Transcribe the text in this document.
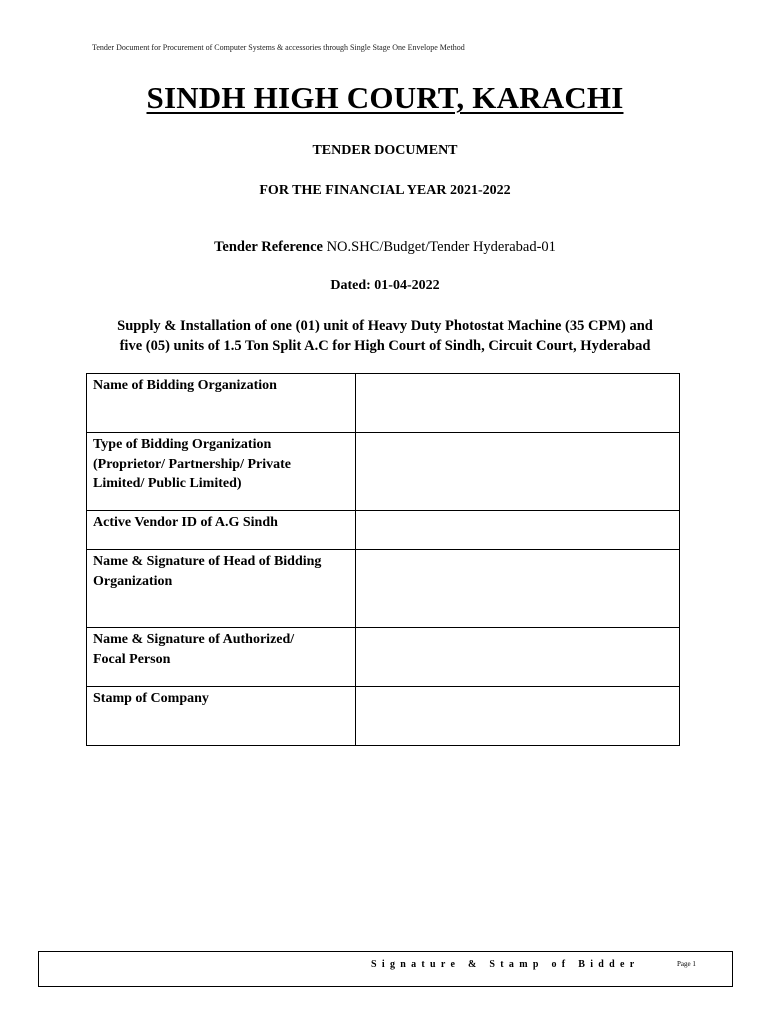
Tender Document for Procurement of Computer Systems & accessories through Single Stage One Envelope Method
SINDH HIGH COURT, KARACHI
TENDER DOCUMENT
FOR THE FINANCIAL YEAR 2021-2022
Tender Reference NO.SHC/Budget/Tender Hyderabad-01
Dated: 01-04-2022
Supply & Installation of one (01) unit of Heavy Duty Photostat Machine (35 CPM) and
five (05) units of 1.5 Ton Split A.C for High Court of Sindh, Circuit Court, Hyderabad
Name of Bidding Organization	

Type of Bidding Organization
(Proprietor/ Partnership/ Private
Limited/ Public Limited)	

Active Vendor ID of A.G Sindh	

Name & Signature of Head of Bidding
Organization	

Name & Signature of Authorized/
Focal Person	

Stamp of Company	

Signature & Stamp of Bidder	Page 1
